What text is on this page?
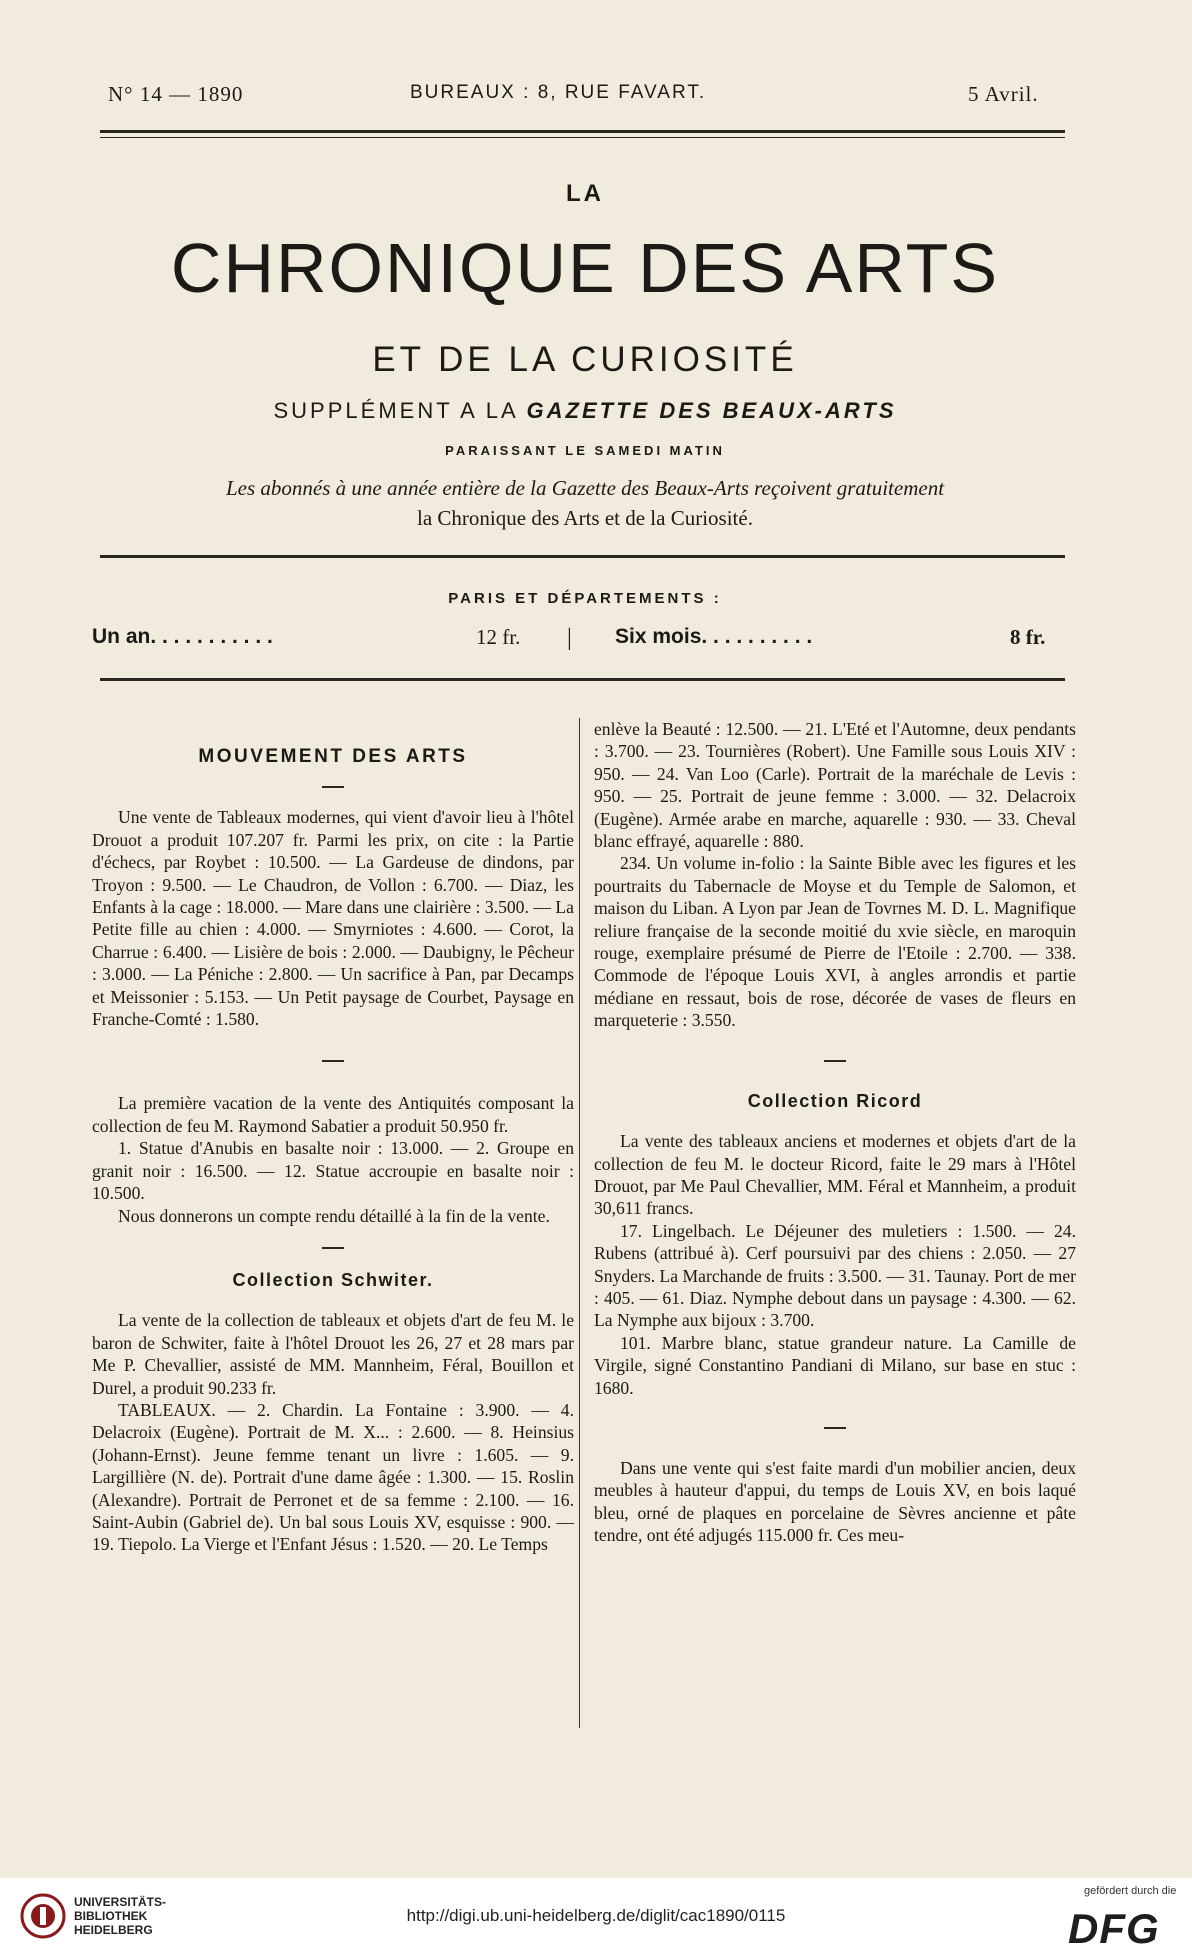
N° 14 — 1890	BUREAUX : 8, RUE FAVART.	5 Avril.
LA
CHRONIQUE DES ARTS
ET DE LA CURIOSITÉ
SUPPLÉMENT A LA GAZETTE DES BEAUX-ARTS
PARAISSANT LE SAMEDI MATIN
Les abonnés à une année entière de la Gazette des Beaux-Arts reçoivent gratuitement
la Chronique des Arts et de la Curiosité.
PARIS ET DÉPARTEMENTS :
Un an. . . . . . . . . . .	12 fr. | Six mois. . . . . . . . . .	8 fr.
MOUVEMENT DES ARTS

Une vente de Tableaux modernes, qui vient d'avoir lieu à l'hôtel Drouot a produit 107.207 fr. Parmi les prix, on cite : la Partie d'échecs, par Roybet : 10.500. — La Gardeuse de dindons, par Troyon : 9.500. — Le Chaudron, de Vollon : 6.700. — Diaz, les Enfants à la cage : 18.000. — Mare dans une clairière : 3.500. — La Petite fille au chien : 4.000. — Smyrniotes : 4.600. — Corot, la Charrue : 6.400. — Lisière de bois : 2.000. — Daubigny, le Pêcheur : 3.000. — La Péniche : 2.800. — Un sacrifice à Pan, par Decamps et Meissonier : 5.153. — Un Petit paysage de Courbet, Paysage en Franche-Comté : 1.580.

La première vacation de la vente des Antiquités composant la collection de feu M. Raymond Sabatier a produit 50.950 fr.

1. Statue d'Anubis en basalte noir : 13.000. — 2. Groupe en granit noir : 16.500. — 12. Statue accroupie en basalte noir : 10.500.

Nous donnerons un compte rendu détaillé à la fin de la vente.

Collection Schwiter.

La vente de la collection de tableaux et objets d'art de feu M. le baron de Schwiter, faite à l'hôtel Drouot les 26, 27 et 28 mars par Me P. Chevallier, assisté de MM. Mannheim, Féral, Bouillon et Durel, a produit 90.233 fr.

TABLEAUX. — 2. Chardin. La Fontaine : 3.900. — 4. Delacroix (Eugène). Portrait de M. X... : 2.600. — 8. Heinsius (Johann-Ernst). Jeune femme tenant un livre : 1.605. — 9. Largillière (N. de). Portrait d'une dame âgée : 1.300. — 15. Roslin (Alexandre). Portrait de Perronet et de sa femme : 2.100. — 16. Saint-Aubin (Gabriel de). Un bal sous Louis XV, esquisse : 900. — 19. Tiepolo. La Vierge et l'Enfant Jésus : 1.520. — 20. Le Temps

enlève la Beauté : 12.500. — 21. L'Eté et l'Automne, deux pendants : 3.700. — 23. Tournières (Robert). Une Famille sous Louis XIV : 950. — 24. Van Loo (Carle). Portrait de la maréchale de Levis : 950. — 25. Portrait de jeune femme : 3.000. — 32. Delacroix (Eugène). Armée arabe en marche, aquarelle : 930. — 33. Cheval blanc effrayé, aquarelle : 880.

234. Un volume in-folio : la Sainte Bible avec les figures et les pourtraits du Tabernacle de Moyse et du Temple de Salomon, et maison du Liban. A Lyon par Jean de Tovrnes M. D. L. Magnifique reliure française de la seconde moitié du xvie siècle, en maroquin rouge, exemplaire présumé de Pierre de l'Etoile : 2.700. — 338. Commode de l'époque Louis XVI, à angles arrondis et partie médiane en ressaut, bois de rose, décorée de vases de fleurs en marqueterie : 3.550.

Collection Ricord

La vente des tableaux anciens et modernes et objets d'art de la collection de feu M. le docteur Ricord, faite le 29 mars à l'Hôtel Drouot, par Me Paul Chevallier, MM. Féral et Mannheim, a produit 30,611 francs.

17. Lingelbach. Le Déjeuner des muletiers : 1.500. — 24. Rubens (attribué à). Cerf poursuivi par des chiens : 2.050. — 27 Snyders. La Marchande de fruits : 3.500. — 31. Taunay. Port de mer : 405. — 61. Diaz. Nymphe debout dans un paysage : 4.300. — 62. La Nymphe aux bijoux : 3.700.

101. Marbre blanc, statue grandeur nature. La Camille de Virgile, signé Constantino Pandiani di Milano, sur base en stuc : 1680.

Dans une vente qui s'est faite mardi d'un mobilier ancien, deux meubles à hauteur d'appui, du temps de Louis XV, en bois laqué bleu, orné de plaques en porcelaine de Sèvres ancienne et pâte tendre, ont été adjugés 115.000 fr. Ces meu-

UNIVERSITÄTS-
BIBLIOTHEK
HEIDELBERG
http://digi.ub.uni-heidelberg.de/diglit/cac1890/0115
gefördert durch die
DFG
